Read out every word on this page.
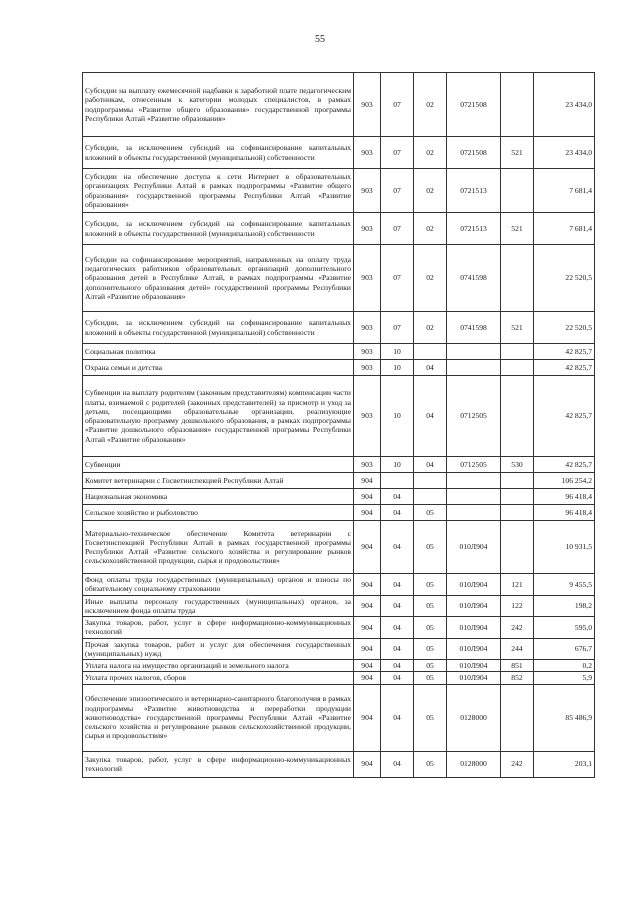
55
Субсидии на выплату ежемесячной надбавки к заработной плате педагогическим работникам, отнесенным к категории молодых специалистов, в рамках подпрограммы «Развитие общего образования» государственной программы Республики Алтай «Развитие образования»	903	07	02	0721508		23 434,0
Субсидии, за исключением субсидий на софинансирование капитальных вложений в объекты государственной (муниципальной) собственности	903	07	02	0721508	521	23 434,0
Субсидии на обеспечение доступа к сети Интернет в образовательных организациях Республики Алтай в рамках подпрограммы «Развитие общего образования» государственной программы Республики Алтай «Развитие образования»	903	07	02	0721513		7 681,4
Субсидии, за исключением субсидий на софинансирование капитальных вложений в объекты государственной (муниципальной) собственности	903	07	02	0721513	521	7 681,4
Субсидии на софинансирование мероприятий, направленных на оплату труда педагогических работников образовательных организаций дополнительного образования детей в Республике Алтай, в рамках подпрограммы «Развитие дополнительного образования детей» государственной программы Республики Алтай «Развитие образования»	903	07	02	0741598		22 520,5
Субсидии, за исключением субсидий на софинансирование капитальных вложений в объекты государственной (муниципальной) собственности	903	07	02	0741598	521	22 520,5
Социальная политика	903	10				42 825,7
Охрана семьи и детства	903	10	04			42 825,7
Субвенции на выплату родителям (законным представителям) компенсации части платы, взимаемой с родителей (законных представителей) за присмотр и уход за детьми, посещающими образовательные организации, реализующие образовательную программу дошкольного образования, в рамках подпрограммы «Развитие дошкольного образования» государственной программы Республики Алтай «Развитие образования»	903	10	04	0712505		42 825,7
Субвенции	903	10	04	0712505	530	42 825,7
Комитет ветеринарии с Госветинспекцией Республики Алтай	904					106 254,2
Национальная экономика	904	04				96 418,4
Сельское хозяйство и рыболовство	904	04	05			96 418,4
Материально-техническое обеспечение Комитета ветеринарии с Госветинспекцией Республики Алтай в рамках государственной программы Республики Алтай «Развитие сельского хозяйства и регулирование рынков сельскохозяйственной продукции, сырья и продовольствия»	904	04	05	010Л904		10 931,5
Фонд оплаты труда государственных (муниципальных) органов и взносы по обязательному социальному страхованию	904	04	05	010Л904	121	9 455,5
Иные выплаты персоналу государственных (муниципальных) органов, за исключением фонда оплаты труда	904	04	05	010Л904	122	198,2
Закупка товаров, работ, услуг в сфере информационно-коммуникационных технологий	904	04	05	010Л904	242	595,0
Прочая закупка товаров, работ и услуг для обеспечения государственных (муниципальных) нужд	904	04	05	010Л904	244	676,7
Уплата налога на имущество организаций и земельного налога	904	04	05	010Л904	851	0,2
Уплата прочих налогов, сборов	904	04	05	010Л904	852	5,9
Обеспечение эпизоотического и ветеринарно-санитарного благополучия в рамках подпрограммы «Развитие животноводства и переработки продукции животноводства» государственной программы Республики Алтай «Развитие сельского хозяйства и регулирование рынков сельскохозяйственной продукции, сырья и продовольствия»	904	04	05	0128000		85 486,9
Закупка товаров, работ, услуг в сфере информационно-коммуникационных технологий	904	04	05	0128000	242	203,1
